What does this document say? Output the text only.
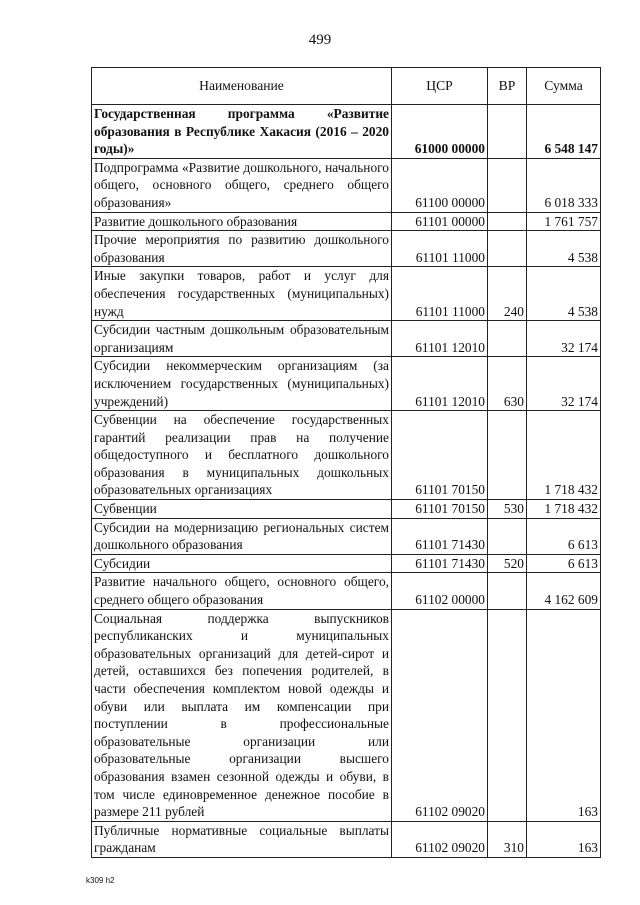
499
Наименование	ЦСР	ВР	Сумма
Государственная программа «Развитие образования в Республике Хакасия (2016 – 2020 годы)»	61000 00000		6 548 147
Подпрограмма «Развитие дошкольного, начального общего, основного общего, среднего общего образования»	61100 00000		6 018 333
Развитие дошкольного образования	61101 00000		1 761 757
Прочие мероприятия по развитию дошкольного образования	61101 11000		4 538
Иные закупки товаров, работ и услуг для обеспечения государственных (муниципальных) нужд	61101 11000	240	4 538
Субсидии частным дошкольным образовательным организациям	61101 12010		32 174
Субсидии некоммерческим организациям (за исключением государственных (муниципальных) учреждений)	61101 12010	630	32 174
Субвенции на обеспечение государственных гарантий реализации прав на получение общедоступного и бесплатного дошкольного образования в муниципальных дошкольных образовательных организациях	61101 70150		1 718 432
Субвенции	61101 70150	530	1 718 432
Субсидии на модернизацию региональных систем дошкольного образования	61101 71430		6 613
Субсидии	61101 71430	520	6 613
Развитие начального общего, основного общего, среднего общего образования	61102 00000		4 162 609
Социальная поддержка выпускников республиканских и муниципальных образовательных организаций для детей-сирот и детей, оставшихся без попечения родителей, в части обеспечения комплектом новой одежды и обуви или выплата им компенсации при поступлении в профессиональные образовательные организации или образовательные организации высшего образования взамен сезонной одежды и обуви, в том числе единовременное денежное пособие в размере 211 рублей	61102 09020		163
Публичные нормативные социальные выплаты гражданам	61102 09020	310	163
k309 h2
